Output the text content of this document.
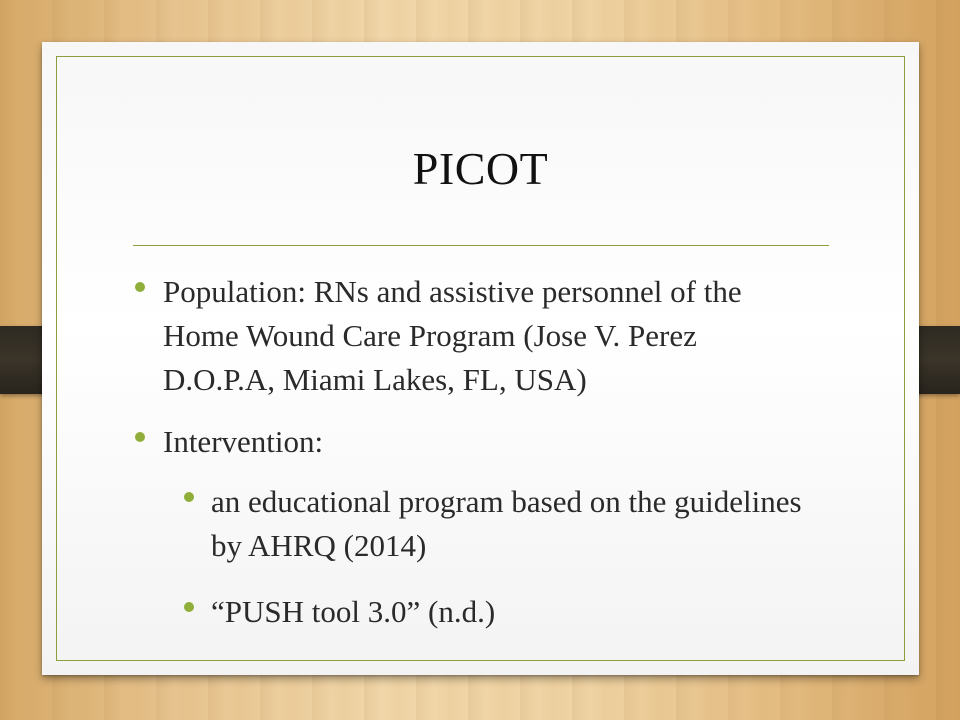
PICOT
Population: RNs and assistive personnel of the Home Wound Care Program (Jose V. Perez D.O.P.A, Miami Lakes, FL, USA)
Intervention:
an educational program based on the guidelines by AHRQ (2014)
“PUSH tool 3.0” (n.d.)
